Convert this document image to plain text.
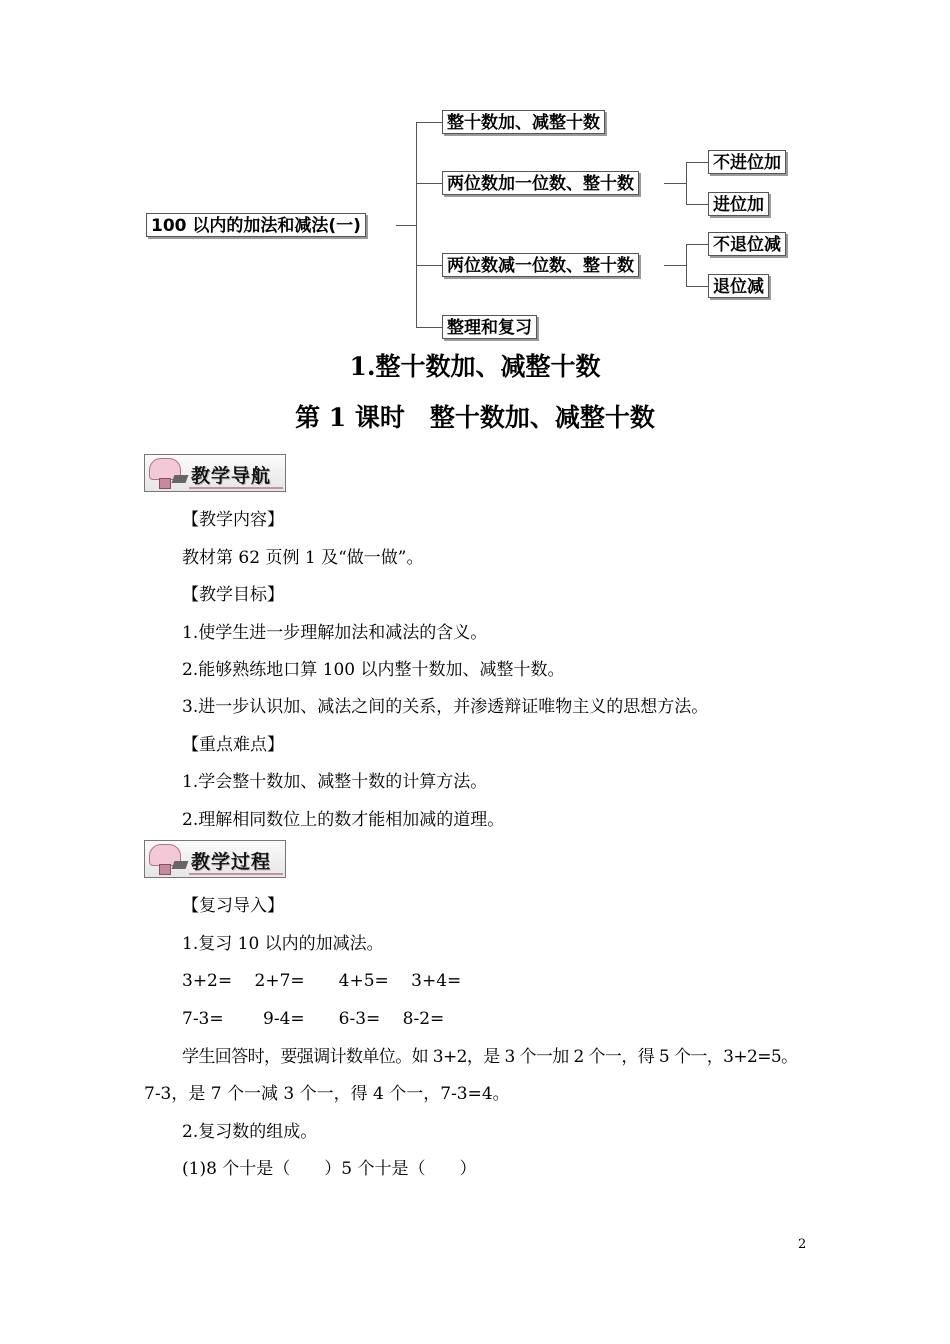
100 以内的加法和减法(一)
整十数加、减整十数
两位数加一位数、整十数
两位数减一位数、整十数
整理和复习
不进位加
进位加
不退位减
退位减
1.整十数加、减整十数
第 1 课时　整十数加、减整十数
教学导航
【教学内容】
教材第 62 页例 1 及“做一做”。
【教学目标】
1.使学生进一步理解加法和减法的含义。
2.能够熟练地口算 100 以内整十数加、减整十数。
3.进一步认识加、减法之间的关系，并渗透辩证唯物主义的思想方法。
【重点难点】
1.学会整十数加、减整十数的计算方法。
2.理解相同数位上的数才能相加减的道理。
教学过程
【复习导入】
1.复习 10 以内的加减法。
3+2=　 2+7=　　4+5=　 3+4=
7-3=　 　9-4=　　6-3=　 8-2=
学生回答时，要强调计数单位。如 3+2，是 3 个一加 2 个一，得 5 个一，3+2=5。
7-3，是 7 个一减 3 个一，得 4 个一，7-3=4。
2.复习数的组成。
(1)8 个十是（　　）5 个十是（　　）
2
